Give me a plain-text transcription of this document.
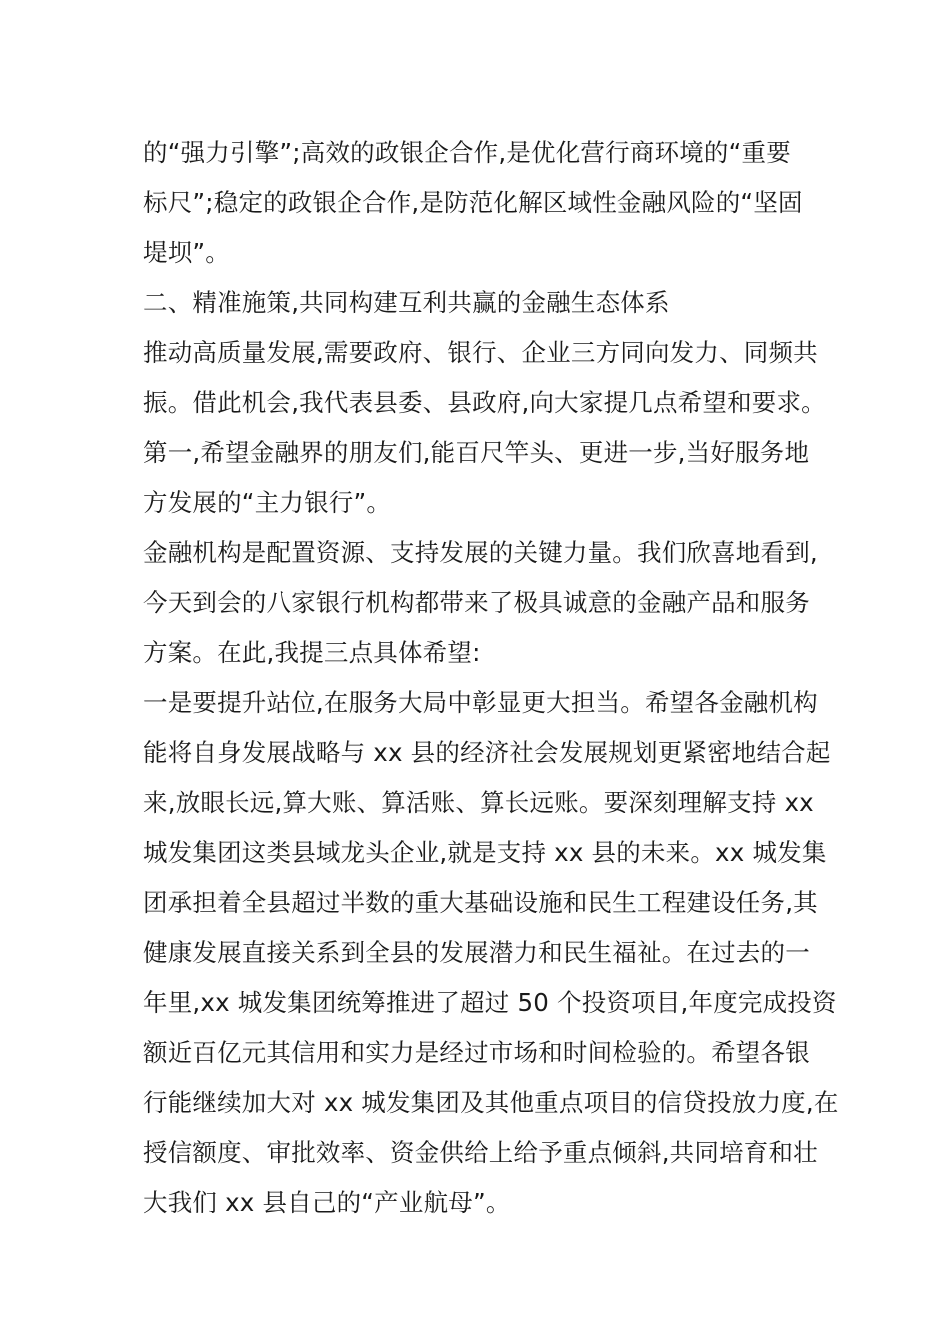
的“强力引擎”;高效的政银企合作,是优化营行商环境的“重要
标尺”;稳定的政银企合作,是防范化解区域性金融风险的“坚固
堤坝”。
二、精准施策,共同构建互利共赢的金融生态体系
推动高质量发展,需要政府、银行、企业三方同向发力、同频共
振。借此机会,我代表县委、县政府,向大家提几点希望和要求。
第一,希望金融界的朋友们,能百尺竿头、更进一步,当好服务地
方发展的“主力银行”。
金融机构是配置资源、支持发展的关键力量。我们欣喜地看到,
今天到会的八家银行机构都带来了极具诚意的金融产品和服务
方案。在此,我提三点具体希望:
一是要提升站位,在服务大局中彰显更大担当。希望各金融机构
能将自身发展战略与 xx 县的经济社会发展规划更紧密地结合起
来,放眼长远,算大账、算活账、算长远账。要深刻理解支持 xx
城发集团这类县域龙头企业,就是支持 xx 县的未来。xx 城发集
团承担着全县超过半数的重大基础设施和民生工程建设任务,其
健康发展直接关系到全县的发展潜力和民生福祉。在过去的一
年里,xx 城发集团统筹推进了超过 50 个投资项目,年度完成投资
额近百亿元其信用和实力是经过市场和时间检验的。希望各银
行能继续加大对 xx 城发集团及其他重点项目的信贷投放力度,在
授信额度、审批效率、资金供给上给予重点倾斜,共同培育和壮
大我们 xx 县自己的“产业航母”。
